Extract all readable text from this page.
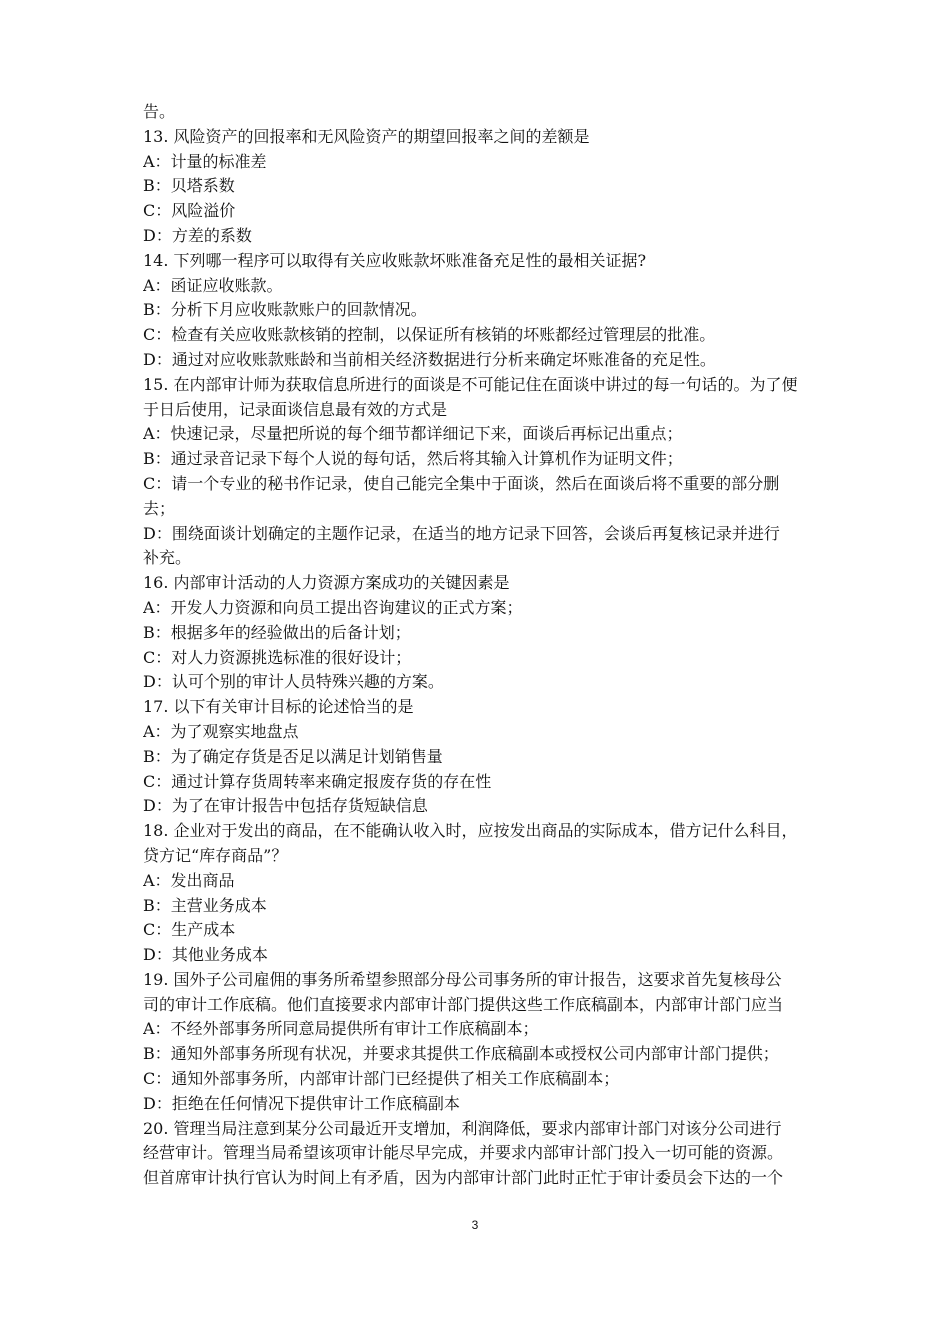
告。
13. 风险资产的回报率和无风险资产的期望回报率之间的差额是
A：计量的标准差
B：贝塔系数
C：风险溢价
D：方差的系数
14. 下列哪一程序可以取得有关应收账款坏账准备充足性的最相关证据?
A：函证应收账款。
B：分析下月应收账款账户的回款情况。
C：检查有关应收账款核销的控制，以保证所有核销的坏账都经过管理层的批准。
D：通过对应收账款账龄和当前相关经济数据进行分析来确定坏账准备的充足性。
15. 在内部审计师为获取信息所进行的面谈是不可能记住在面谈中讲过的每一句话的。为了便
于日后使用，记录面谈信息最有效的方式是
A：快速记录，尽量把所说的每个细节都详细记下来，面谈后再标记出重点；
B：通过录音记录下每个人说的每句话，然后将其输入计算机作为证明文件；
C：请一个专业的秘书作记录，使自己能完全集中于面谈，然后在面谈后将不重要的部分删
去；
D：围绕面谈计划确定的主题作记录，在适当的地方记录下回答，会谈后再复核记录并进行
补充。
16. 内部审计活动的人力资源方案成功的关键因素是
A：开发人力资源和向员工提出咨询建议的正式方案；
B：根据多年的经验做出的后备计划；
C：对人力资源挑选标准的很好设计；
D：认可个别的审计人员特殊兴趣的方案。
17. 以下有关审计目标的论述恰当的是
A：为了观察实地盘点
B：为了确定存货是否足以满足计划销售量
C：通过计算存货周转率来确定报废存货的存在性
D：为了在审计报告中包括存货短缺信息
18. 企业对于发出的商品，在不能确认收入时，应按发出商品的实际成本，借方记什么科目，
贷方记“库存商品”？
A：发出商品
B：主营业务成本
C：生产成本
D：其他业务成本
19. 国外子公司雇佣的事务所希望参照部分母公司事务所的审计报告，这要求首先复核母公
司的审计工作底稿。他们直接要求内部审计部门提供这些工作底稿副本，内部审计部门应当
A：不经外部事务所同意局提供所有审计工作底稿副本；
B：通知外部事务所现有状况，并要求其提供工作底稿副本或授权公司内部审计部门提供；
C：通知外部事务所，内部审计部门已经提供了相关工作底稿副本；
D：拒绝在任何情况下提供审计工作底稿副本
20. 管理当局注意到某分公司最近开支增加，利润降低，要求内部审计部门对该分公司进行
经营审计。管理当局希望该项审计能尽早完成，并要求内部审计部门投入一切可能的资源。
但首席审计执行官认为时间上有矛盾，因为内部审计部门此时正忙于审计委员会下达的一个
3
